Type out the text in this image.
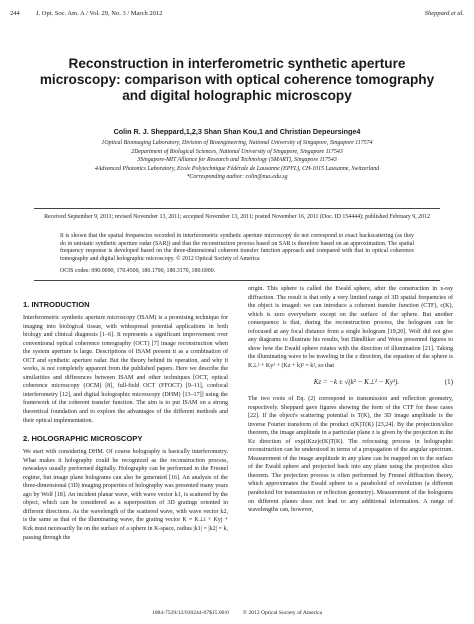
244	J. Opt. Soc. Am. A / Vol. 29, No. 3 / March 2012	Sheppard et al.
Reconstruction in interferometric synthetic aperture microscopy: comparison with optical coherence tomography and digital holographic microscopy
Colin R. J. Sheppard,1,2,3 Shan Shan Kou,1 and Christian Depeursinge4
1Optical Bioimaging Laboratory, Division of Bioengineering, National University of Singapore, Singapore 117574
2Department of Biological Sciences, National University of Singapore, Singapore 117543
3Singapore-MIT Alliance for Research and Technology (SMART), Singapore 117543
4Advanced Photonics Laboratory, Ecole Polytechnique Fédérale de Lausanne (EPFL), CH-1015 Lausanne, Switzerland
*Corresponding author: colin@nus.edu.sg
Received September 9, 2011; revised November 13, 2011; accepted November 13, 2011; posted November 16, 2011 (Doc. ID 154444); published February 9, 2012
It is shown that the spatial frequencies recorded in interferometric synthetic aperture microscopy do not correspond to exact backscattering (as they do in unistatic synthetic aperture radar (SAR)) and that the reconstruction process based on SAR is therefore based on an approximation. The spatial frequency response is developed based on the three-dimensional coherent transfer function approach and compared with that in optical coherence tomography and digital holographic microscopy. © 2012 Optical Society of America
OCIS codes: 090.0090, 170.4500, 180.1790, 180.3170, 180.6900.
1. INTRODUCTION

Interferometric synthetic aperture microscopy (ISAM) is a promising technique for imaging into biological tissue, with widespread potential applications in both biology and clinical diagnosis [1–6]. It represents a significant improvement over conventional optical coherence tomography (OCT) [7] image reconstruction when the system aperture is large. Descriptions of ISAM present it as a combination of OCT and synthetic aperture radar. But the theory behind its operation, and why it works, is not completely apparent from the published papers. Here we describe the similarities and differences between ISAM and other techniques [OCT, optical coherence microscopy (OCM) [8], full-field OCT (FFOCT) [9–11], confocal interferometry [12], and digital holographic microscopy (DHM) [13–17]] using the framework of the coherent transfer function. The aim is to put ISAM on a strong theoretical foundation and to explore the advantages of the different methods and their optical implementation.

2. HOLOGRAPHIC MICROSCOPY

We start with considering DHM. Of course holography is basically interferometry. What makes it holography could be recognized as the reconstruction process, nowadays usually performed digitally. Holography can be performed in the Fresnel regime, but image plane holograms can also be generated [16]. An analysis of the three-dimensional (3D) imaging properties of holography was presented many years ago by Wolf [18]. An incident planar wave, with wave vector k1, is scattered by the object, which can be considered as a superposition of 3D gratings oriented in different directions. As the wavelength of the scattered wave, with wave vector k2, is the same as that of the illuminating wave, the grating vector K = K⊥i + Kyj + Kzk must necessarily lie on the surface of a sphere in K-space, radius |k1| = |k2| = k, passing through the

origin. This sphere is called the Ewald sphere, after the construction in x-ray diffraction. The result is that only a very limited range of 3D spatial frequencies of the object is imaged: we can introduce a coherent transfer function (CTF), c(K), which is zero everywhere except on the surface of the sphere. But another consequence is that, during the reconstruction process, the hologram can be refocused at any focal distance from a single hologram [19,20]. Wolf did not give any diagrams to illustrate his results, but Dändliker and Weiss presented figures to show how the Ewald sphere rotates with the direction of illumination [21]. Taking the illuminating wave to be traveling in the z direction, the equation of the sphere is K⊥² + Ky² + (Kz + k)² = k², so that

Kz = −k ± √(k² − K⊥² − Ky²).	(1)

The two roots of Eq. (2) correspond to transmission and reflection geometry, respectively. Sheppard gave figures showing the form of the CTF for these cases [22]. If the object's scattering potential is T(K), the 3D image amplitude is the inverse Fourier transform of the product c(K)T(K) [23,24]. By the projection/slice theorem, the image amplitude in a particular plane z is given by the projection in the Kz direction of exp(iKzz)c(K)T(K). The refocusing process in holographic reconstruction can be understood in terms of a propagation of the angular spectrum. Measurement of the image amplitude in any plane can be mapped on to the surface of the Ewald sphere and projected back into any plane using the projection slice theorem. The projection process is often performed by Fresnel diffraction theory, which approximates the Ewald sphere to a paraboloid of revolution (a different paraboloid for transmission or reflection geometry). Measurement of the holograms on different planes does not lead to any additional information. A range of wavelengths can, however,

1084-7529/12/030244-07$15.00/0          © 2012 Optical Society of America
